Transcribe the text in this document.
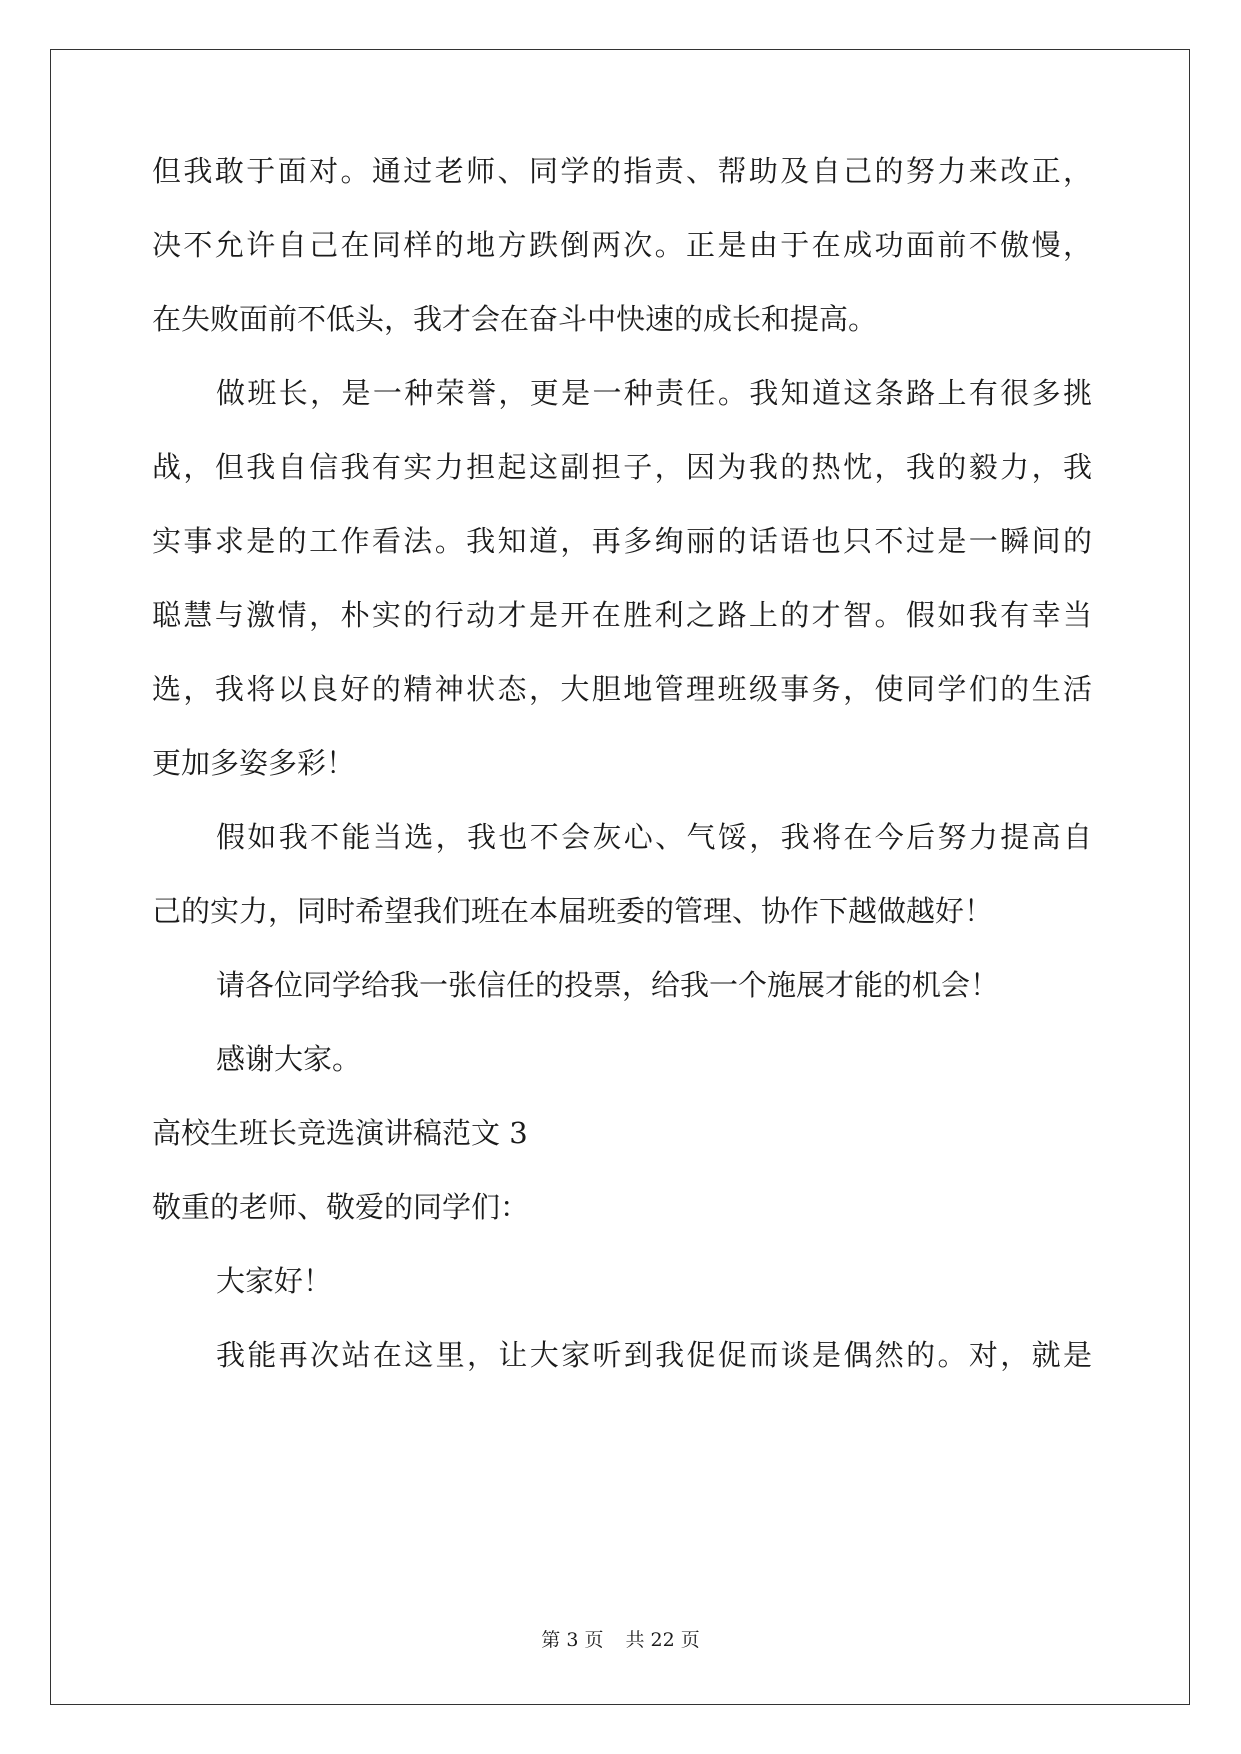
但我敢于面对。通过老师、同学的指责、帮助及自己的努力来改正，
决不允许自己在同样的地方跌倒两次。正是由于在成功面前不傲慢，
在失败面前不低头，我才会在奋斗中快速的成长和提高。
做班长，是一种荣誉，更是一种责任。我知道这条路上有很多挑
战，但我自信我有实力担起这副担子，因为我的热忱，我的毅力，我
实事求是的工作看法。我知道，再多绚丽的话语也只不过是一瞬间的
聪慧与激情，朴实的行动才是开在胜利之路上的才智。假如我有幸当
选，我将以良好的精神状态，大胆地管理班级事务，使同学们的生活
更加多姿多彩！
假如我不能当选，我也不会灰心、气馁，我将在今后努力提高自
己的实力，同时希望我们班在本届班委的管理、协作下越做越好！
请各位同学给我一张信任的投票，给我一个施展才能的机会！
感谢大家。
高校生班长竞选演讲稿范文 3
敬重的老师、敬爱的同学们：
大家好！
我能再次站在这里，让大家听到我促促而谈是偶然的。对，就是
第 3 页 共 22 页
